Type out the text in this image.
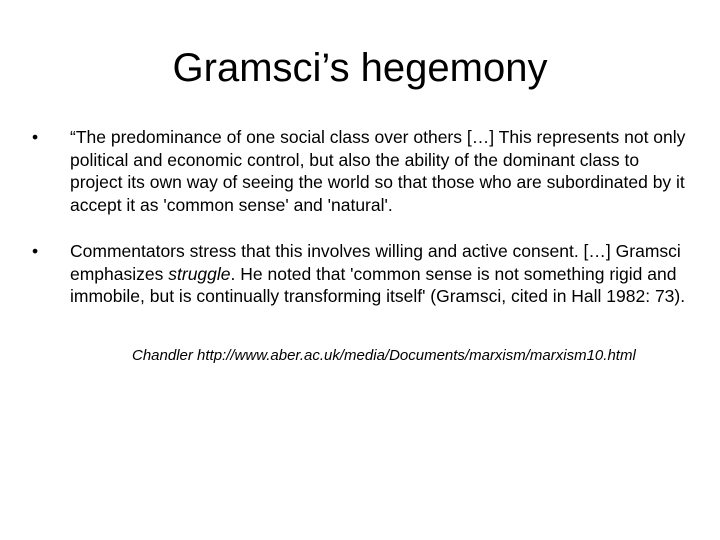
Gramsci’s hegemony
•	“The predominance of one social class over others […] This represents not only political and economic control, but also the ability of the dominant class to project its own way of seeing the world so that those who are subordinated by it accept it as 'common sense' and 'natural'.
•	Commentators stress that this involves willing and active consent. […] Gramsci emphasizes struggle. He noted that 'common sense is not something rigid and immobile, but is continually transforming itself' (Gramsci, cited in Hall 1982: 73).
Chandler http://www.aber.ac.uk/media/Documents/marxism/marxism10.html
